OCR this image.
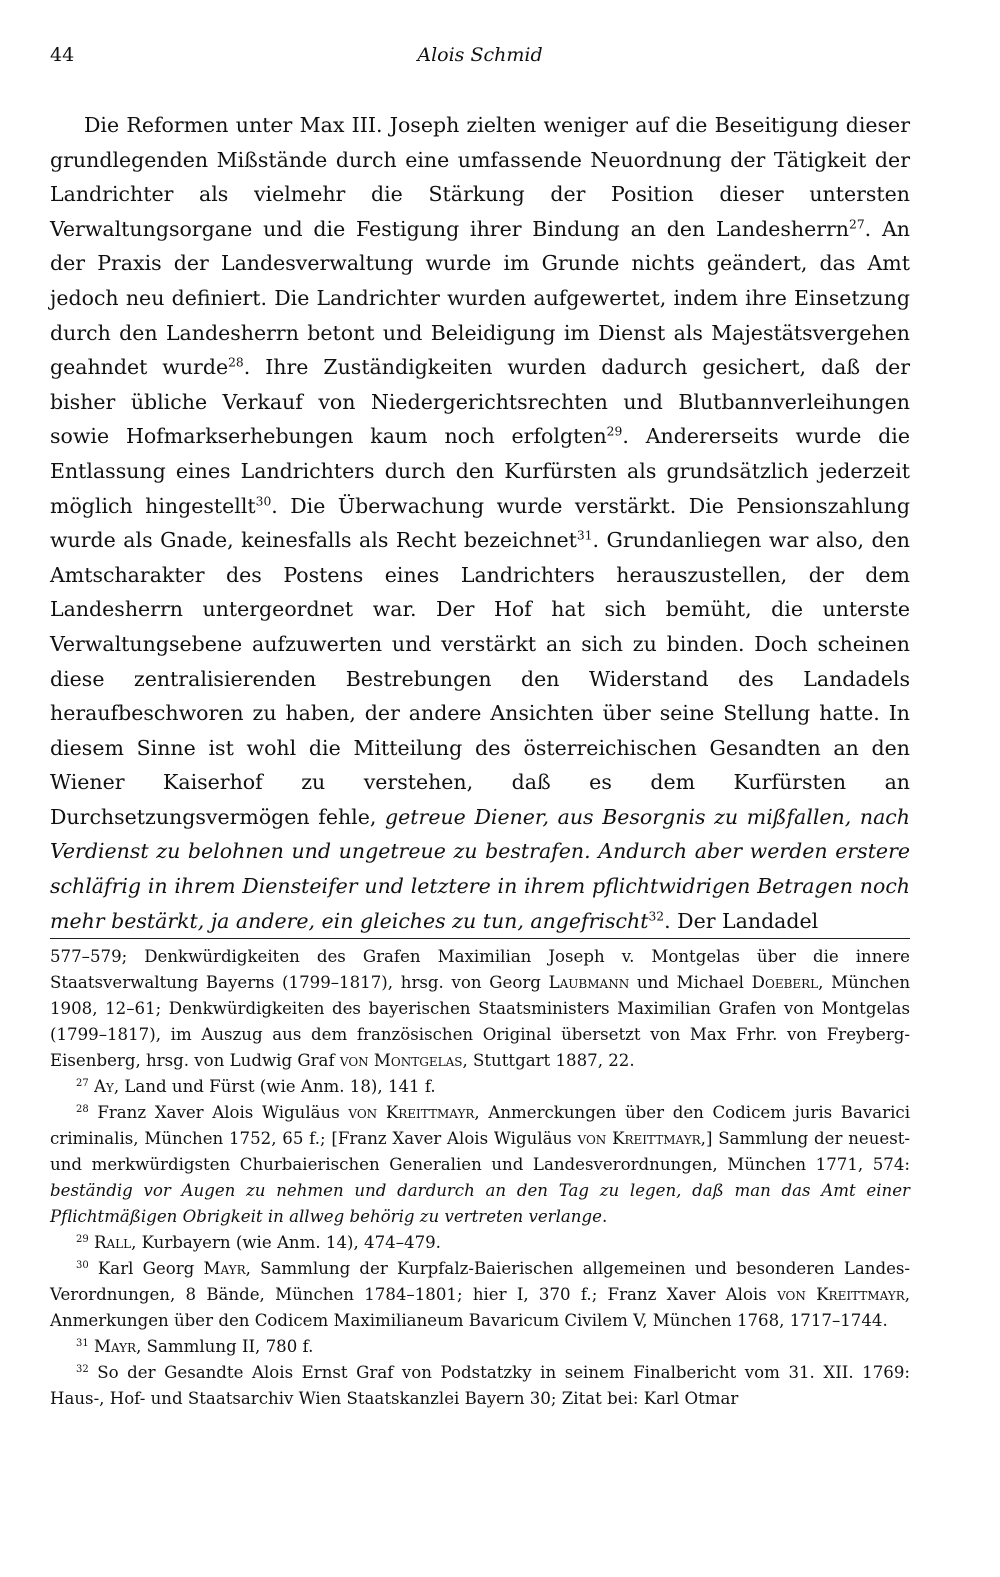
44	Alois Schmid

Die Reformen unter Max III. Joseph zielten weniger auf die Beseitigung dieser grundlegenden Mißstände durch eine umfassende Neuordnung der Tätigkeit der Landrichter als vielmehr die Stärkung der Position dieser untersten Verwaltungsorgane und die Festigung ihrer Bindung an den Landesherrn$^{27}$. An der Praxis der Landesverwaltung wurde im Grunde nichts geändert, das Amt jedoch neu definiert. Die Landrichter wurden aufgewertet, indem ihre Einsetzung durch den Landesherrn betont und Beleidigung im Dienst als Majestätsvergehen geahndet wurde$^{28}$. Ihre Zuständigkeiten wurden dadurch gesichert, daß der bisher übliche Verkauf von Niedergerichtsrechten und Blutbannverleihungen sowie Hofmarkserhebungen kaum noch erfolgten$^{29}$. Andererseits wurde die Entlassung eines Landrichters durch den Kurfürsten als grundsätzlich jederzeit möglich hingestellt$^{30}$. Die Überwachung wurde verstärkt. Die Pensionszahlung wurde als Gnade, keinesfalls als Recht bezeichnet$^{31}$. Grundanliegen war also, den Amtscharakter des Postens eines Landrichters herauszustellen, der dem Landesherrn untergeordnet war. Der Hof hat sich bemüht, die unterste Verwaltungsebene aufzuwerten und verstärkt an sich zu binden. Doch scheinen diese zentralisierenden Bestrebungen den Widerstand des Landadels heraufbeschworen zu haben, der andere Ansichten über seine Stellung hatte. In diesem Sinne ist wohl die Mitteilung des österreichischen Gesandten an den Wiener Kaiserhof zu verstehen, daß es dem Kurfürsten an Durchsetzungsvermögen fehle, getreue Diener, aus Besorgnis zu mißfallen, nach Verdienst zu belohnen und ungetreue zu bestrafen. Andurch aber werden erstere schläfrig in ihrem Diensteifer und letztere in ihrem pflichtwidrigen Betragen noch mehr bestärkt, ja andere, ein gleiches zu tun, angefrischt$^{32}$. Der Landadel

577–579; Denkwürdigkeiten des Grafen Maximilian Joseph v. Montgelas über die innere Staatsverwaltung Bayerns (1799–1817), hrsg. von Georg Laubmann und Michael Doeberl, München 1908, 12–61; Denkwürdigkeiten des bayerischen Staatsministers Maximilian Grafen von Montgelas (1799–1817), im Auszug aus dem französischen Original übersetzt von Max Frhr. von Freyberg-Eisenberg, hrsg. von Ludwig Graf von Montgelas, Stuttgart 1887, 22.

$^{27}$ Ay, Land und Fürst (wie Anm. 18), 141 f.

$^{28}$ Franz Xaver Alois Wiguläus von Kreittmayr, Anmerckungen über den Codicem juris Bavarici criminalis, München 1752, 65 f.; [Franz Xaver Alois Wiguläus von Kreittmayr,] Sammlung der neuest- und merkwürdigsten Churbaierischen Generalien und Landesverordnungen, München 1771, 574: beständig vor Augen zu nehmen und dardurch an den Tag zu legen, daß man das Amt einer Pflichtmäßigen Obrigkeit in allweg behörig zu vertreten verlange.

$^{29}$ Rall, Kurbayern (wie Anm. 14), 474–479.

$^{30}$ Karl Georg Mayr, Sammlung der Kurpfalz-Baierischen allgemeinen und besonderen Landes-Verordnungen, 8 Bände, München 1784–1801; hier I, 370 f.; Franz Xaver Alois von Kreittmayr, Anmerkungen über den Codicem Maximilianeum Bavaricum Civilem V, München 1768, 1717–1744.

$^{31}$ Mayr, Sammlung II, 780 f.

$^{32}$ So der Gesandte Alois Ernst Graf von Podstatzky in seinem Finalbericht vom 31. XII. 1769: Haus-, Hof- und Staatsarchiv Wien Staatskanzlei Bayern 30; Zitat bei: Karl Otmar
